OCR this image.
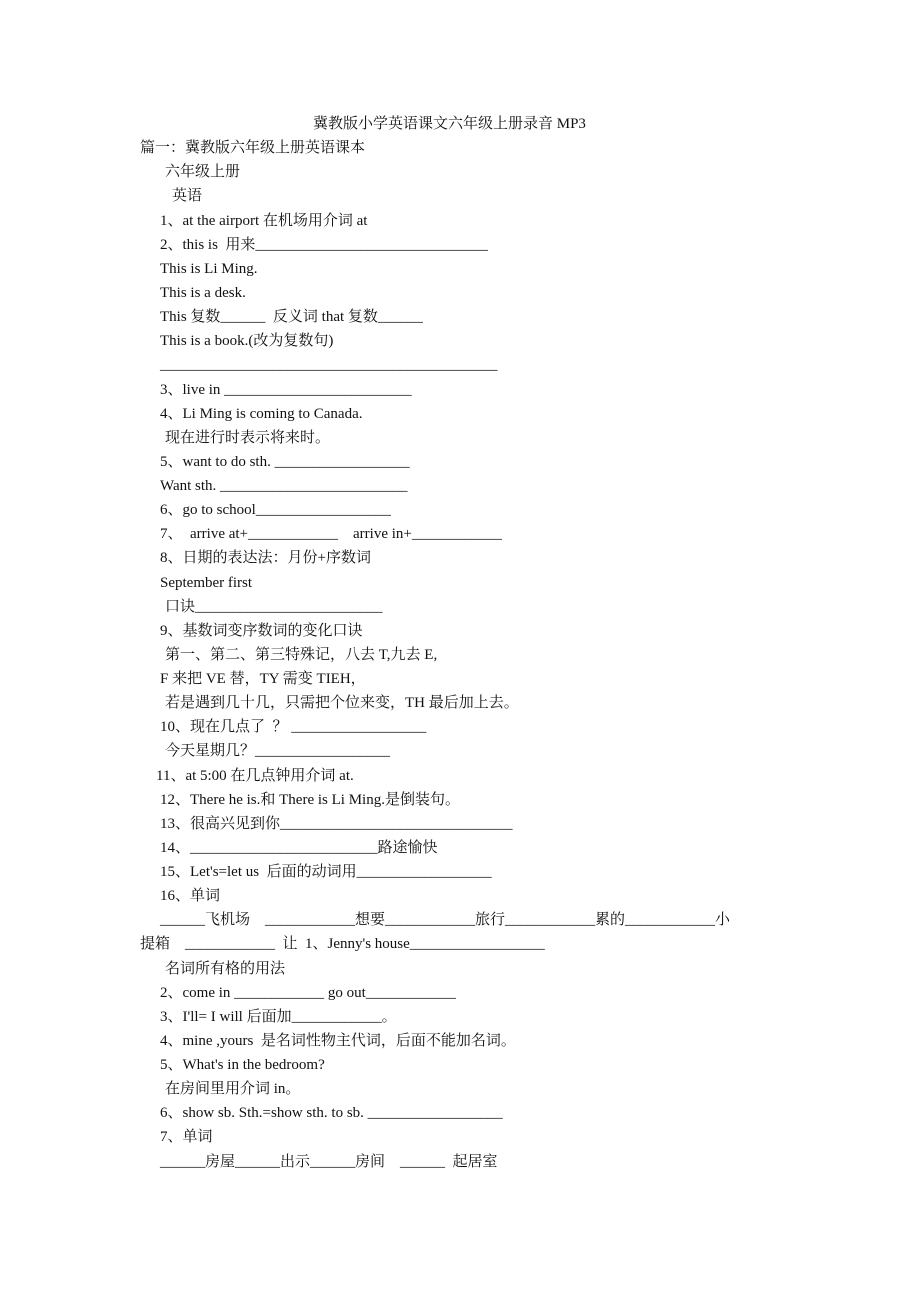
冀教版小学英语课文六年级上册录音 MP3
篇一：冀教版六年级上册英语课本
六年级上册
英语
1、at the airport 在机场用介词 at
2、this is  用来_______________________________
This is Li Ming.
This is a desk.
This 复数______  反义词 that 复数______
This is a book.(改为复数句)
_____________________________________________
3、live in _________________________
4、Li Ming is coming to Canada.
现在进行时表示将来时。
5、want to do sth. __________________
Want sth. _________________________
6、go to school__________________
7、  arrive at+____________    arrive in+____________
8、日期的表达法：月份+序数词
September first
口诀_________________________
9、基数词变序数词的变化口诀
第一、第二、第三特殊记，八去 T,九去 E,
F 来把 VE 替，TY 需变 TIEH，
若是遇到几十几，只需把个位来变，TH 最后加上去。
10、现在几点了  ？ __________________
今天星期几？__________________
11、at 5:00 在几点钟用介词 at.
12、There he is.和 There is Li Ming.是倒装句。
13、很高兴见到你_______________________________
14、_________________________路途愉快
15、Let's=let us  后面的动词用__________________
16、单词
______飞机场    ____________想要____________旅行____________累的____________小
提箱    ____________  让  1、Jenny's house__________________
名词所有格的用法
2、come in ____________ go out____________
3、I'll= I will 后面加____________。
4、mine ,yours  是名词性物主代词，后面不能加名词。
5、What's in the bedroom?
在房间里用介词 in。
6、show sb. Sth.=show sth. to sb. __________________
7、单词
______房屋______出示______房间    ______  起居室
